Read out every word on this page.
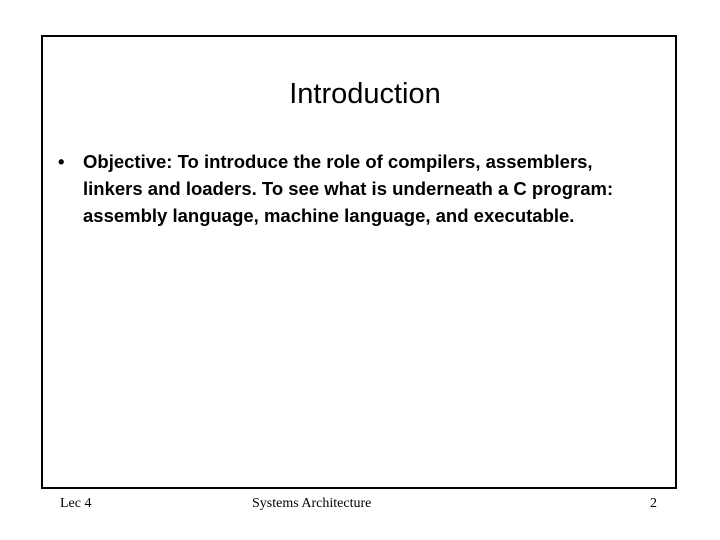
Introduction
• Objective: To introduce the role of compilers, assemblers,
linkers and loaders. To see what is underneath a C program:
assembly language, machine language, and executable.
Lec 4	Systems Architecture	2
